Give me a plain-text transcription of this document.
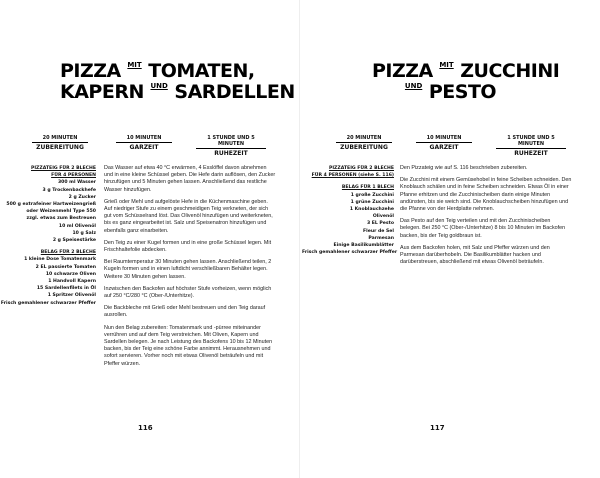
PIZZA MIT TOMATEN,
KAPERN UND SARDELLEN
20 MINUTEN
ZUBEREITUNG
10 MINUTEN
GARZEIT
1 STUNDE UND 5 MINUTEN
RUHEZEIT
PIZZATEIG FÜR 2 BLECHE
FÜR 4 PERSONEN
300 ml Wasser
3 g Trockenbackhefe
2 g Zucker
500 g extrafeiner Hartweizengrieß
oder Weizenmehl Type 550
zzgl. etwas zum Bestreuen
10 ml Olivenöl
10 g Salz
2 g Speisestärke
BELAG FÜR 2 BLECHE
1 kleine Dose Tomatenmark
2 EL passierte Tomaten
10 schwarze Oliven
1 Handvoll Kapern
15 Sardellenfilets in Öl
1 Spritzer Olivenöl
Frisch gemahlener schwarzer Pfeffer

Das Wasser auf etwa 40 °C erwärmen, 4 Esslöffel davon abnehmen und in eine kleine Schüssel geben. Die Hefe darin auflösen, den Zucker hinzufügen und 5 Minuten gehen lassen. Anschließend das restliche Wasser hinzufügen.

Grieß oder Mehl und aufgelöste Hefe in die Küchenmaschine geben. Auf niedriger Stufe zu einem geschmeidigen Teig verkneten, der sich gut vom Schüsselrand löst. Das Olivenöl hinzufügen und weiterkneten, bis es ganz eingearbeitet ist. Salz und Speisenatron hinzufügen und ebenfalls ganz einarbeiten.

Den Teig zu einer Kugel formen und in eine große Schüssel legen. Mit Frischhaltefolie abdecken.

Bei Raumtemperatur 30 Minuten gehen lassen. Anschließend teilen, 2 Kugeln formen und in einen luftdicht verschließbaren Behälter legen. Weitere 30 Minuten gehen lassen.

Inzwischen den Backofen auf höchster Stufe vorheizen, wenn möglich auf 250 °C/280 °C (Ober-/Unterhitze).

Die Backbleche mit Grieß oder Mehl bestreuen und den Teig darauf ausrollen.

Nun den Belag zubereiten: Tomatenmark und -pürree miteinander verrühren und auf dem Teig verstreichen. Mit Oliven, Kapern und Sardellen belegen. Je nach Leistung des Backofens 10 bis 12 Minuten backen, bis der Teig eine schöne Farbe annimmt. Herausnehmen und sofort servieren. Vorher noch mit etwas Olivenöl beträufeln und mit Pfeffer würzen.

116
PIZZA MIT ZUCCHINI
UND PESTO
20 MINUTEN
ZUBEREITUNG
10 MINUTEN
GARZEIT
1 STUNDE UND 5 MINUTEN
RUHEZEIT
PIZZATEIG FÜR 2 BLECHE
FÜR 4 PERSONEN (siehe S. 116)
BELAG FÜR 1 BLECH
1 große Zucchini
1 grüne Zucchini
1 Knoblauchzehe
Olivenöl
3 EL Pesto
Fleur de Sel
Parmesan
Einige Basilikumblätter
Frisch gemahlener schwarzer Pfeffer

Den Pizzateig wie auf S. 116 beschrieben zubereiten.

Die Zucchini mit einem Gemüsehobel in feine Scheiben schneiden. Den Knoblauch schälen und in feine Scheiben schneiden. Etwas Öl in einer Pfanne erhitzen und die Zucchinischeiben darin einige Minuten andünsten, bis sie weich sind. Die Knoblauchscheiben hinzufügen und die Pfanne von der Herdplatte nehmen.

Das Pesto auf den Teig verteilen und mit den Zucchinischeiben belegen. Bei 250 °C (Ober-/Unterhitze) 8 bis 10 Minuten im Backofen backen, bis der Teig goldbraun ist.

Aus dem Backofen holen, mit Salz und Pfeffer würzen und den Parmesan darüberhobeln. Die Basilikumblätter hacken und darüberstreuen, abschließend mit etwas Olivenöl beträufeln.

117
